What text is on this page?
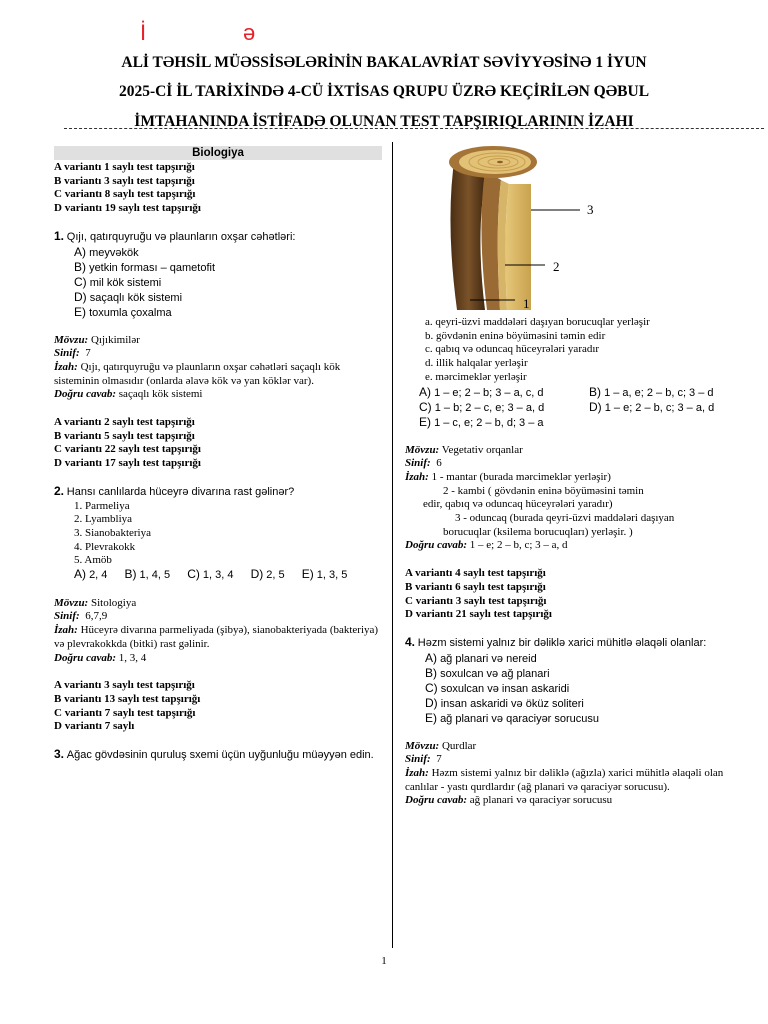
İ	ə
ALİ TƏHSİL MÜƏSSİSƏLƏRİNİN BAKALAVRİAT SƏVİYYƏSİNƏ 1 İYUN
2025-Cİ İL TARİXİNDƏ 4-CÜ İXTİSAS QRUPU ÜZRƏ KEÇİRİLƏN QƏBUL
İMTAHANINDA İSTİFADƏ OLUNAN TEST TAPŞIRIQLARININ İZAHI
Biologiya
A variantı 1 saylı test tapşırığı
B variantı 3 saylı test tapşırığı
C variantı 8 saylı test tapşırığı
D variantı 19 saylı test tapşırığı
1. Qıjı, qatırquyruğu və plaunların oxşar cəhətləri:
A) meyvəkök
B) yetkin forması – qametofit
C) mil kök sistemi
D) saçaqlı kök sistemi
E) toxumla çoxalma
Mövzu: Qıjıkimilər
Sinif: 7
İzah: Qıjı, qatırquyruğu və plaunların oxşar cəhətləri saçaqlı kök sisteminin olmasıdır (onlarda əlavə kök və yan köklər var).
Doğru cavab: saçaqlı kök sistemi
A variantı 2 saylı test tapşırığı
B variantı 5 saylı test tapşırığı
C variantı 22 saylı test tapşırığı
D variantı 17 saylı test tapşırığı
2. Hansı canlılarda hüceyrə divarına rast gəlinər?
1. Parmeliya
2. Lyambliya
3. Sianobakteriya
4. Plevrakokk
5. Amöb
A) 2, 4 B) 1, 4, 5 C) 1, 3, 4 D) 2, 5 E) 1, 3, 5
Mövzu: Sitologiya
Sinif: 6,7,9
İzah: Hüceyrə divarına parmeliyada (şibyə), sianobakteriyada (bakteriya) və plevrakokkda (bitki) rast gəlinir.
Doğru cavab: 1, 3, 4
A variantı 3 saylı test tapşırığı
B variantı 13 saylı test tapşırığı
C variantı 7 saylı test tapşırığı
D variantı 7 saylı
3. Ağac gövdəsinin quruluş sxemi üçün uyğunluğu müəyyən edin.
3
2
1
a. qeyri-üzvi maddələri daşıyan borucuqlar yerləşir
b. gövdənin eninə böyüməsini təmin edir
c. qabıq və oduncaq hüceyrələri yaradır
d. illik halqalar yerləşir
e. mərcimeklər yerləşir
A) 1 – e; 2 – b; 3 – a, c, d	B) 1 – a, e; 2 – b, c; 3 – d
C) 1 – b; 2 – c, e; 3 – a, d	D) 1 – e; 2 – b, c; 3 – a, d
E) 1 – c, e; 2 – b, d; 3 – a
Mövzu: Vegetativ orqanlar
Sinif: 6
İzah: 1 - mantar (burada mərcimeklər yerləşir)
2 - kambi ( gövdənin eninə böyüməsini təmin
edir, qabıq və oduncaq hüceyrələri yaradır)
3 - oduncaq (burada qeyri-üzvi maddələri daşıyan
borucuqlar (ksilema borucuqları) yerləşir. )
Doğru cavab: 1 – e; 2 – b, c; 3 – a, d
A variantı 4 saylı test tapşırığı
B variantı 6 saylı test tapşırığı
C variantı 3 saylı test tapşırığı
D variantı 21 saylı test tapşırığı
4. Həzm sistemi yalnız bir dəliklə xarici mühitlə əlaqəli olanlar:
A) ağ planari və nereid
B) soxulcan və ağ planari
C) soxulcan və insan askaridi
D) insan askaridi və öküz soliteri
E) ağ planari və qaraciyər sorucusu
Mövzu: Qurdlar
Sinif: 7
İzah: Həzm sistemi yalnız bir dəliklə (ağızla) xarici mühitlə əlaqəli olan canlılar - yastı qurdlardır (ağ planari və qaraciyər sorucusu).
Doğru cavab: ağ planari və qaraciyər sorucusu
1
